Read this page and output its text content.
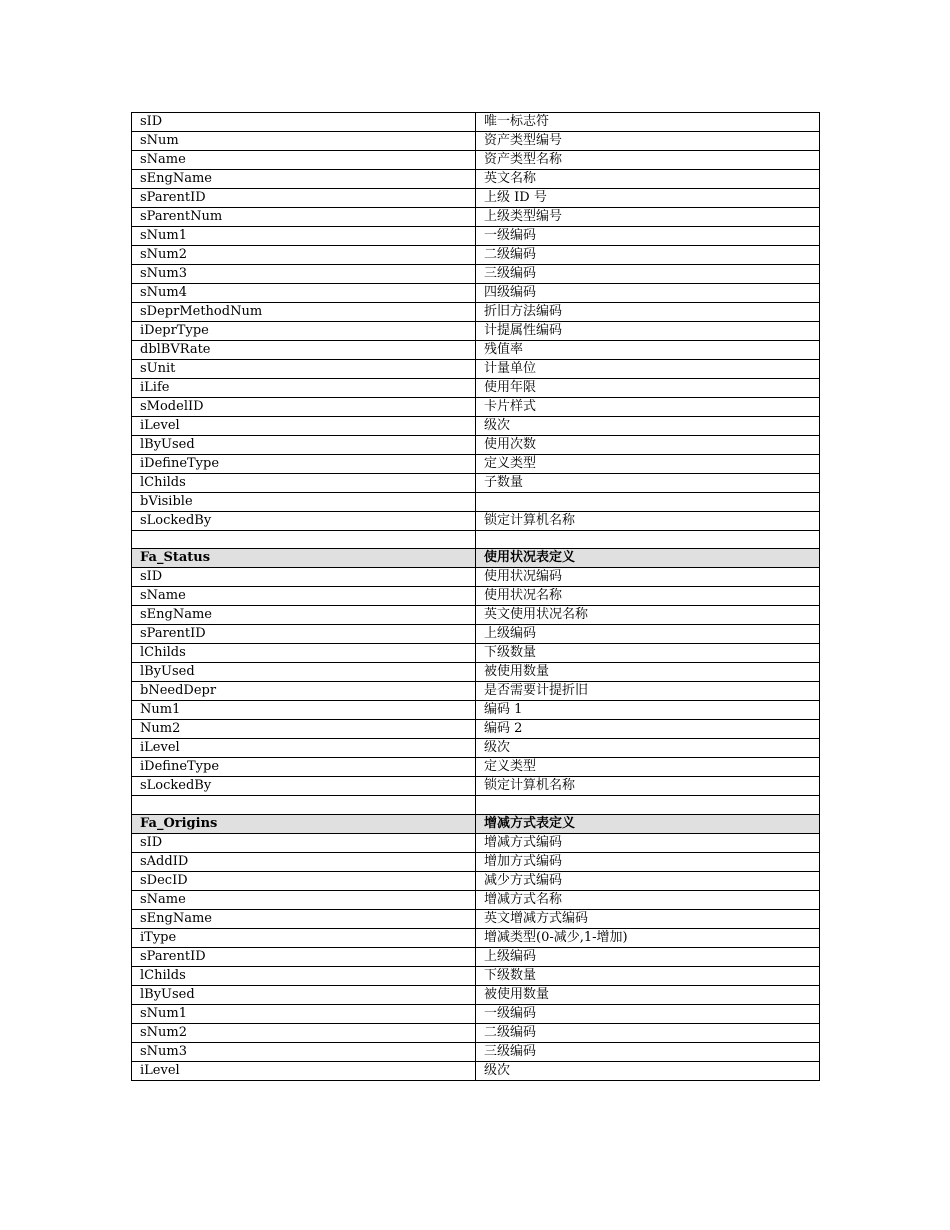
sID	唯一标志符
sNum	资产类型编号
sName	资产类型名称
sEngName	英文名称
sParentID	上级 ID 号
sParentNum	上级类型编号
sNum1	一级编码
sNum2	二级编码
sNum3	三级编码
sNum4	四级编码
sDeprMethodNum	折旧方法编码
iDeprType	计提属性编码
dblBVRate	残值率
sUnit	计量单位
iLife	使用年限
sModelID	卡片样式
iLevel	级次
lByUsed	使用次数
iDefineType	定义类型
lChilds	子数量
bVisible	
sLockedBy	锁定计算机名称

Fa_Status	使用状况表定义
sID	使用状况编码
sName	使用状况名称
sEngName	英文使用状况名称
sParentID	上级编码
lChilds	下级数量
lByUsed	被使用数量
bNeedDepr	是否需要计提折旧
Num1	编码 1
Num2	编码 2
iLevel	级次
iDefineType	定义类型
sLockedBy	锁定计算机名称

Fa_Origins	增减方式表定义
sID	增减方式编码
sAddID	增加方式编码
sDecID	减少方式编码
sName	增减方式名称
sEngName	英文增减方式编码
iType	增减类型(0-减少,1-增加)
sParentID	上级编码
lChilds	下级数量
lByUsed	被使用数量
sNum1	一级编码
sNum2	二级编码
sNum3	三级编码
iLevel	级次
